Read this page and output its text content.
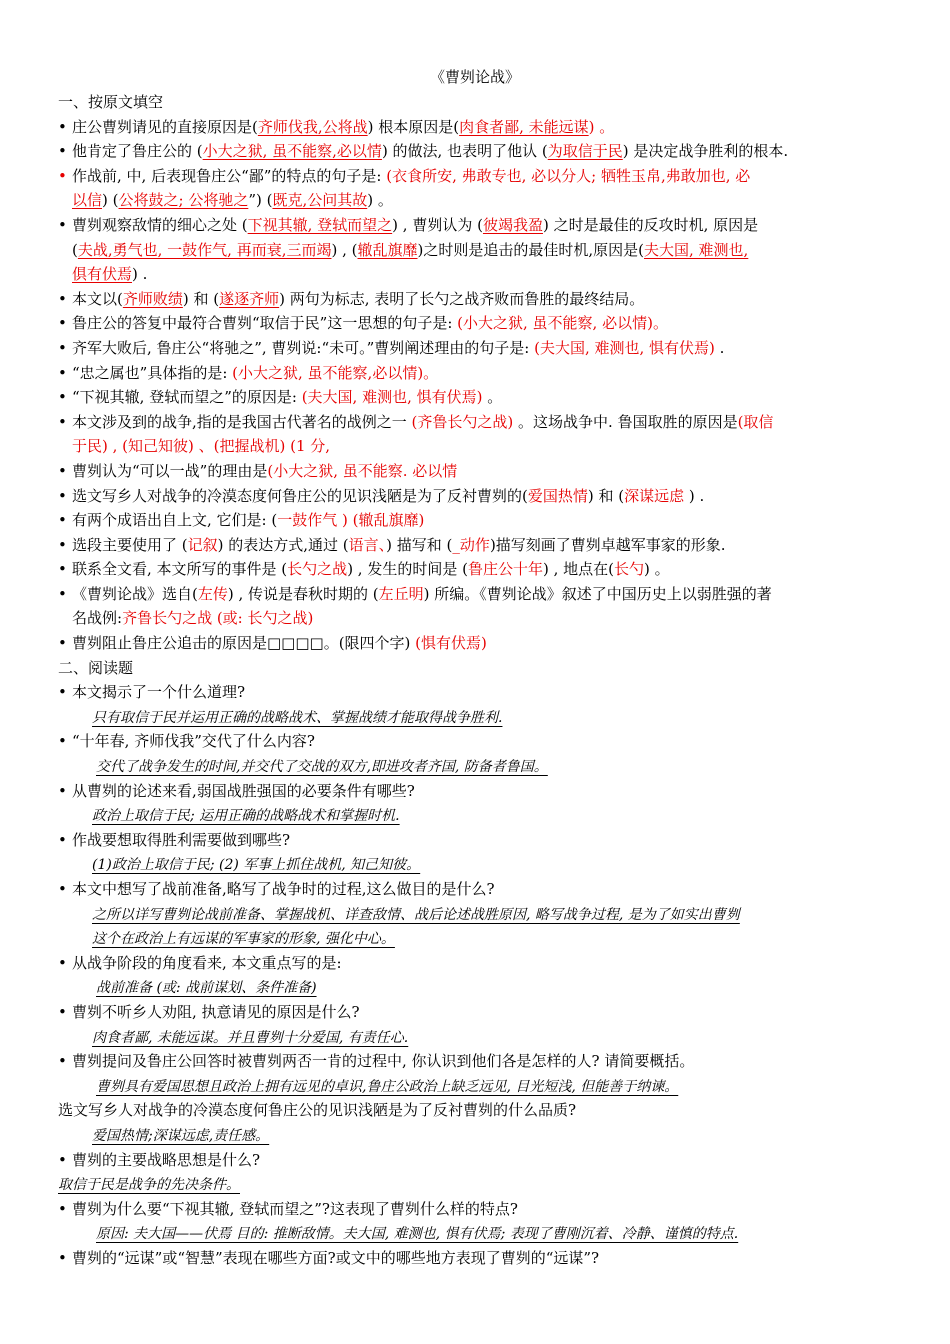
《曹刿论战》
一、按原文填空
• 庄公曹刿请见的直接原因是(齐师伐我,公将战) 根本原因是(肉食者鄙, 未能远谋) 。
• 他肯定了鲁庄公的 (小大之狱, 虽不能察,必以情) 的做法, 也表明了他认 (为取信于民) 是决定战争胜利的根本.
• 作战前, 中, 后表现鲁庄公“鄙”的特点的句子是: (衣食所安, 弗敢专也, 必以分人; 牺牲玉帛,弗敢加也, 必
以信) (公将鼓之; 公将驰之”) (既克,公问其故) 。
• 曹刿观察敌情的细心之处 (下视其辙, 登轼而望之) , 曹刿认为 (彼竭我盈) 之时是最佳的反攻时机, 原因是
(夫战,勇气也, 一鼓作气, 再而衰,三而竭) , (辙乱旗靡)之时则是追击的最佳时机,原因是(夫大国, 难测也,
俱有伏焉) .
• 本文以(齐师败绩) 和 (遂逐齐师) 两句为标志, 表明了长勺之战齐败而鲁胜的最终结局。
• 鲁庄公的答复中最符合曹刿“取信于民”这一思想的句子是: (小大之狱, 虽不能察, 必以情)。
• 齐军大败后, 鲁庄公“将驰之”, 曹刿说:“未可。”曹刿阐述理由的句子是: (夫大国, 难测也, 惧有伏焉) .
• “忠之属也”具体指的是: (小大之狱, 虽不能察,必以情)。
• “下视其辙, 登轼而望之”的原因是: (夫大国, 难测也, 惧有伏焉) 。
• 本文涉及到的战争,指的是我国古代著名的战例之一 (齐鲁长勺之战) 。这场战争中. 鲁国取胜的原因是(取信
于民) , (知己知彼) 、(把握战机) (1 分,
• 曹刿认为“可以一战”的理由是(小大之狱, 虽不能察. 必以情
• 选文写乡人对战争的冷漠态度何鲁庄公的见识浅陋是为了反衬曹刿的(爱国热情) 和 (深谋远虑 ) .
• 有两个成语出自上文, 它们是: (一鼓作气 ) (辙乱旗靡)
• 选段主要使用了 (记叙) 的表达方式,通过 (语言、) 描写和 (_动作)描写刻画了曹刿卓越军事家的形象.
• 联系全文看, 本文所写的事件是 (长勺之战) , 发生的时间是 (鲁庄公十年) , 地点在(长勺) 。
• 《曹刿论战》选自(左传) , 传说是春秋时期的 (左丘明) 所编。《曹刿论战》叙述了中国历史上以弱胜强的著
名战例:齐鲁长勺之战 (或: 长勺之战)
• 曹刿阻止鲁庄公追击的原因是□□□□。(限四个字) (惧有伏焉)
二、阅读题
• 本文揭示了一个什么道理?
只有取信于民并运用正确的战略战术、掌握战绩才能取得战争胜利.
• “十年春, 齐师伐我”交代了什么内容?
交代了战争发生的时间,并交代了交战的双方,即进攻者齐国, 防备者鲁国。
• 从曹刿的论述来看,弱国战胜强国的必要条件有哪些?
政治上取信于民; 运用正确的战略战术和掌握时机.
• 作战要想取得胜利需要做到哪些?
(1)政治上取信于民; (2) 军事上抓住战机, 知己知彼。
• 本文中想写了战前准备,略写了战争时的过程,这么做目的是什么?
之所以详写曹刿论战前准备、掌握战机、详查敌情、战后论述战胜原因, 略写战争过程, 是为了如实出曹刿
这个在政治上有远谋的军事家的形象, 强化中心。
• 从战争阶段的角度看来, 本文重点写的是:
战前准备 (或: 战前谋划、条件准备)
• 曹刿不听乡人劝阻, 执意请见的原因是什么?
肉食者鄙, 未能远谋。并且曹刿十分爱国, 有责任心.
• 曹刿提问及鲁庄公回答时被曹刿两否一肯的过程中, 你认识到他们各是怎样的人? 请简要概括。
曹刿具有爱国思想且政治上拥有远见的卓识,鲁庄公政治上缺乏远见, 目光短浅, 但能善于纳谏。
选文写乡人对战争的冷漠态度何鲁庄公的见识浅陋是为了反衬曹刿的什么品质?
爱国热情;深谋远虑,责任感。
• 曹刿的主要战略思想是什么?
取信于民是战争的先决条件。
• 曹刿为什么要“下视其辙, 登轼而望之”?这表现了曹刿什么样的特点?
原因: 夫大国——伏焉 目的: 推断敌情。夫大国, 难测也, 惧有伏焉; 表现了曹刚沉着、冷静、谨慎的特点.
• 曹刿的“远谋”或“智慧”表现在哪些方面?或文中的哪些地方表现了曹刿的“远谋”?
